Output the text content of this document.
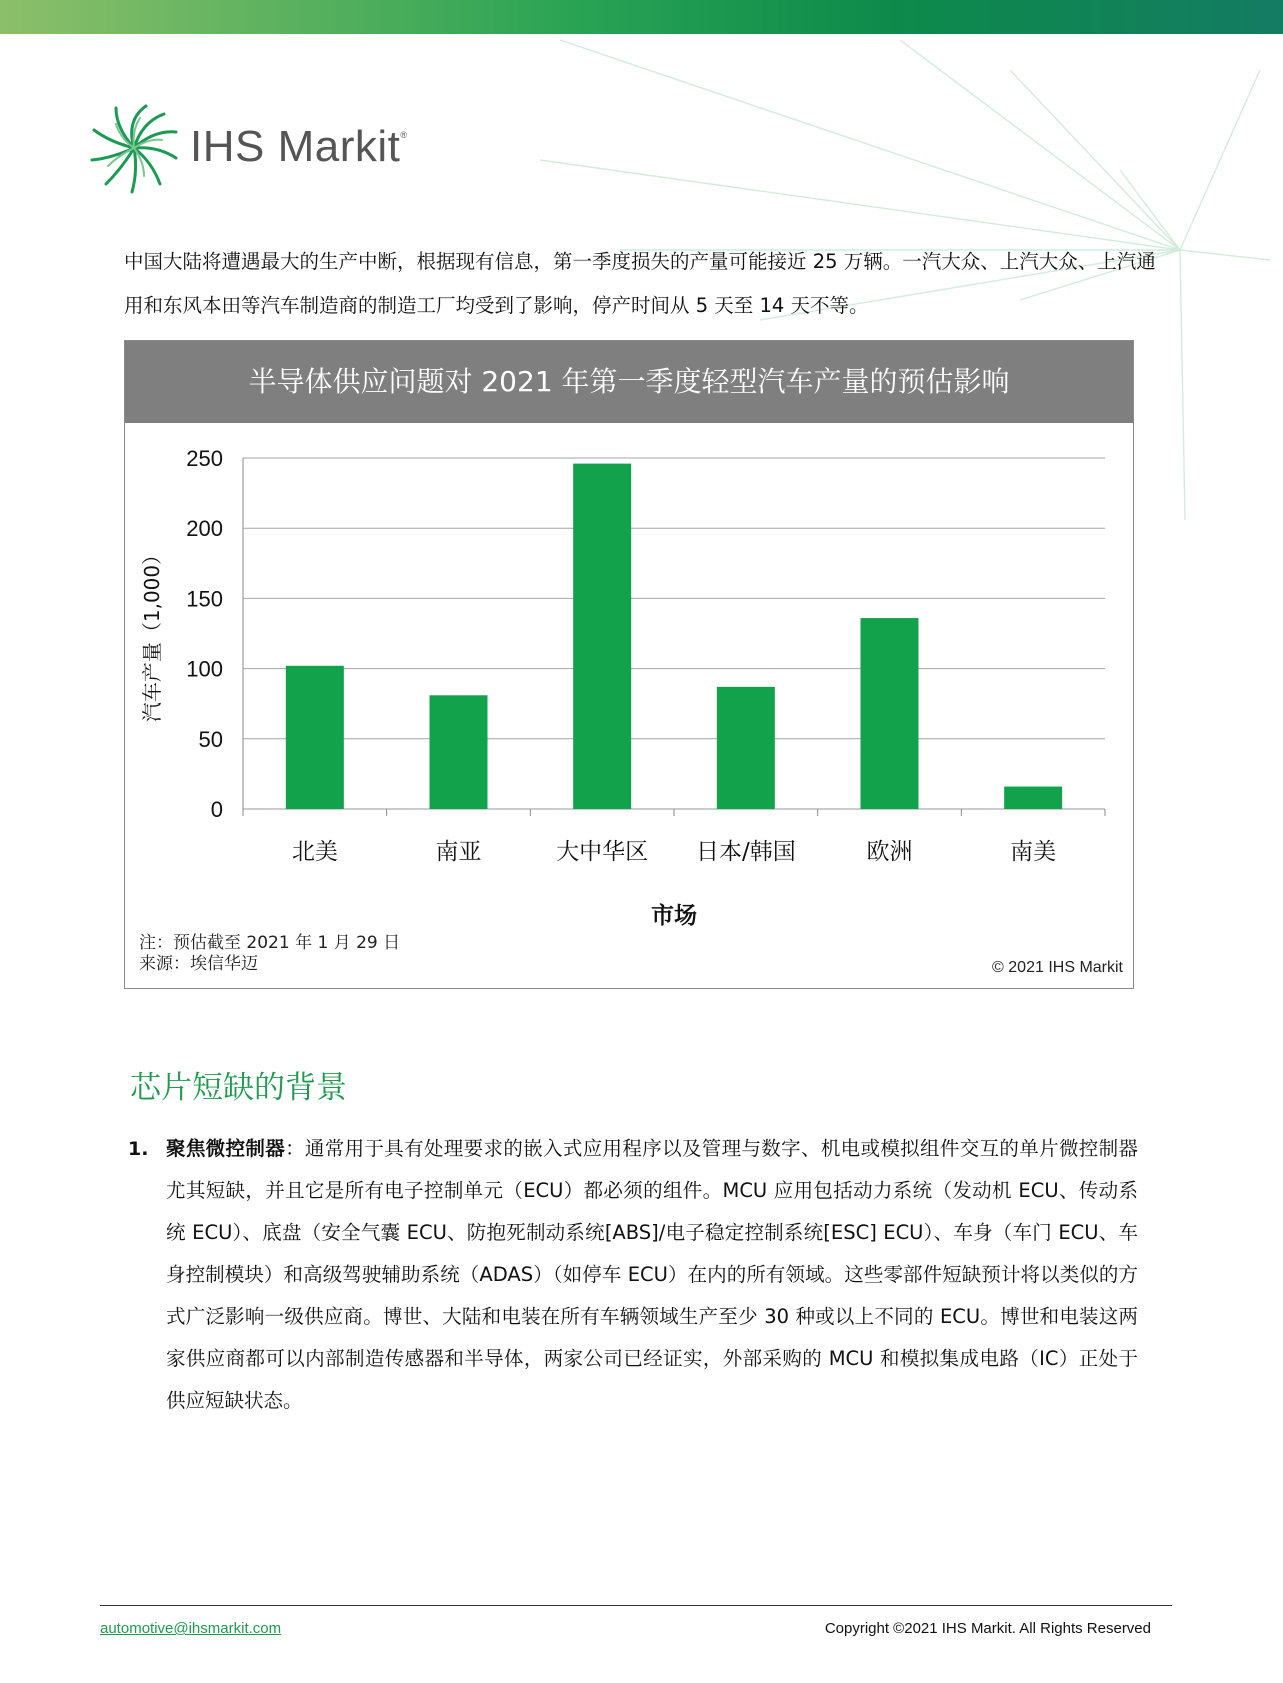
IHS Markit®

中国大陆将遭遇最大的生产中断，根据现有信息，第一季度损失的产量可能接近 25 万辆。一汽大众、上汽大众、上汽通用和东风本田等汽车制造商的制造工厂均受到了影响，停产时间从 5 天至 14 天不等。

半导体供应问题对 2021 年第一季度轻型汽车产量的预估影响
0
50
100
150
200
250
北美	南亚	大中华区 日本/韩国	欧洲	南美
市场
汽车产量（1,000）

注：预估截至 2021 年 1 月 29 日
来源：埃信华迈	© 2021 IHS Markit
芯片短缺的背景
1. 聚焦微控制器：通常用于具有处理要求的嵌入式应用程序以及管理与数字、机电或模拟组件交互的单片微控制器尤其短缺，并且它是所有电子控制单元（ECU）都必须的组件。MCU 应用包括动力系统（发动机 ECU、传动系统 ECU）、底盘（安全气囊 ECU、防抱死制动系统[ABS]/电子稳定控制系统[ESC] ECU）、车身（车门 ECU、车身控制模块）和高级驾驶辅助系统（ADAS）（如停车 ECU）在内的所有领域。这些零部件短缺预计将以类似的方式广泛影响一级供应商。博世、大陆和电装在所有车辆领域生产至少 30 种或以上不同的 ECU。博世和电装这两家供应商都可以内部制造传感器和半导体，两家公司已经证实，外部采购的 MCU 和模拟集成电路（IC）正处于供应短缺状态。

automotive@ihsmarkit.com	Copyright ©2021 IHS Markit. All Rights Reserved
